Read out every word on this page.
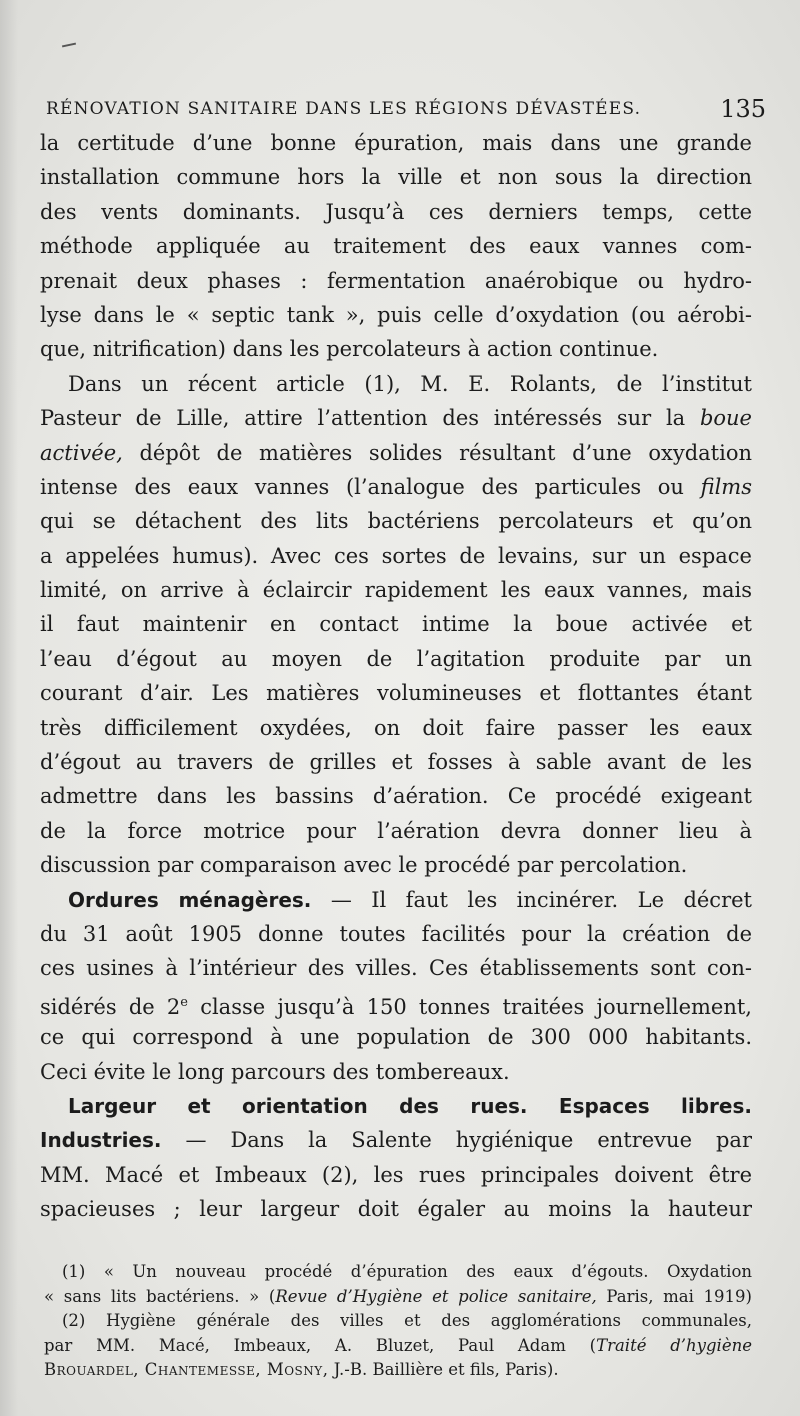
RÉNOVATION SANITAIRE DANS LES RÉGIONS DÉVASTÉES.	135
la certitude d’une bonne épuration, mais dans une grande
installation commune hors la ville et non sous la direction
des vents dominants. Jusqu’à ces derniers temps, cette
méthode appliquée au traitement des eaux vannes com-
prenait deux phases : fermentation anaérobique ou hydro-
lyse dans le « septic tank », puis celle d’oxydation (ou aérobi-
que, nitrification) dans les percolateurs à action continue.
Dans un récent article (1), M. E. Rolants, de l’institut
Pasteur de Lille, attire l’attention des intéressés sur la boue
activée, dépôt de matières solides résultant d’une oxydation
intense des eaux vannes (l’analogue des particules ou films
qui se détachent des lits bactériens percolateurs et qu’on
a appelées humus). Avec ces sortes de levains, sur un espace
limité, on arrive à éclaircir rapidement les eaux vannes, mais
il faut maintenir en contact intime la boue activée et
l’eau d’égout au moyen de l’agitation produite par un
courant d’air. Les matières volumineuses et flottantes étant
très difficilement oxydées, on doit faire passer les eaux
d’égout au travers de grilles et fosses à sable avant de les
admettre dans les bassins d’aération. Ce procédé exigeant
de la force motrice pour l’aération devra donner lieu à
discussion par comparaison avec le procédé par percolation.
Ordures ménagères. — Il faut les incinérer. Le décret
du 31 août 1905 donne toutes facilités pour la création de
ces usines à l’intérieur des villes. Ces établissements sont con-
sidérés de 2e classe jusqu’à 150 tonnes traitées journellement,
ce qui correspond à une population de 300 000 habitants.
Ceci évite le long parcours des tombereaux.
Largeur et orientation des rues. Espaces libres.
Industries. — Dans la Salente hygiénique entrevue par
MM. Macé et Imbeaux (2), les rues principales doivent être
spacieuses ; leur largeur doit égaler au moins la hauteur
(1) « Un nouveau procédé d’épuration des eaux d’égouts. Oxydation
« sans lits bactériens. » (Revue d’Hygiène et police sanitaire, Paris, mai 1919)
(2) Hygiène générale des villes et des agglomérations communales,
par MM. Macé, Imbeaux, A. Bluzet, Paul Adam (Traité d’hygiène
Brouardel, Chantemesse, Mosny, J.-B. Baillière et fils, Paris).
